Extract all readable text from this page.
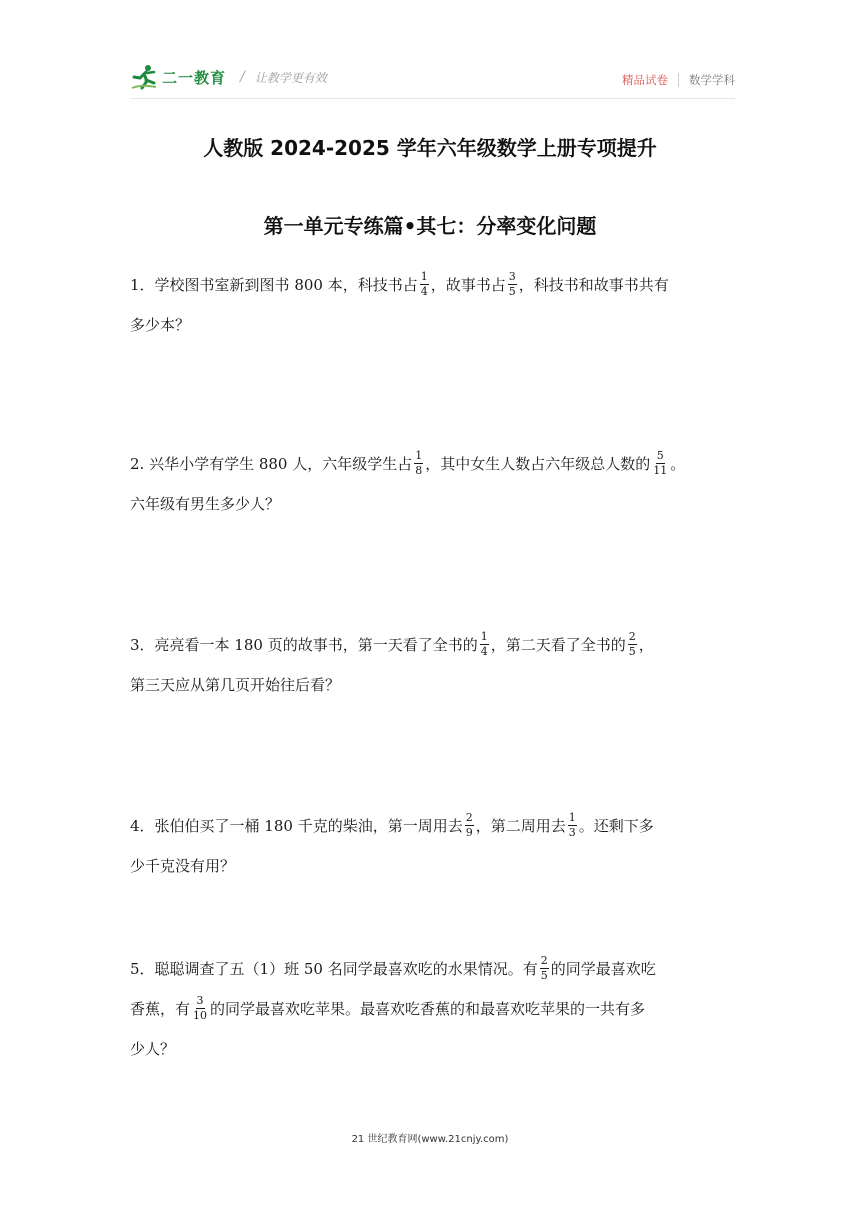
二一教育 / 让教学更有效	精品试卷 数学学科
人教版 2024-2025 学年六年级数学上册专项提升
第一单元专练篇•其七：分率变化问题
1．学校图书室新到图书 800 本，科技书占 $\frac{1}{4}$ ，故事书占 $\frac{3}{5}$ ，科技书和故事书共有
多少本？
2. 兴华小学有学生 880 人，六年级学生占 $\frac{1}{8}$ ，其中女生人数占六年级总人数的 $\frac{5}{11}$ 。
六年级有男生多少人？
3．亮亮看一本 180 页的故事书，第一天看了全书的 $\frac{1}{4}$ ，第二天看了全书的 $\frac{2}{5}$ ，
第三天应从第几页开始往后看？
4．张伯伯买了一桶 180 千克的柴油，第一周用去 $\frac{2}{9}$ ，第二周用去 $\frac{1}{3}$ 。还剩下多
少千克没有用？
5．聪聪调查了五（1）班 50 名同学最喜欢吃的水果情况。有 $\frac{2}{5}$ 的同学最喜欢吃
香蕉，有 $\frac{3}{10}$ 的同学最喜欢吃苹果。最喜欢吃香蕉的和最喜欢吃苹果的一共有多
少人？
21 世纪教育网(www.21cnjy.com)
